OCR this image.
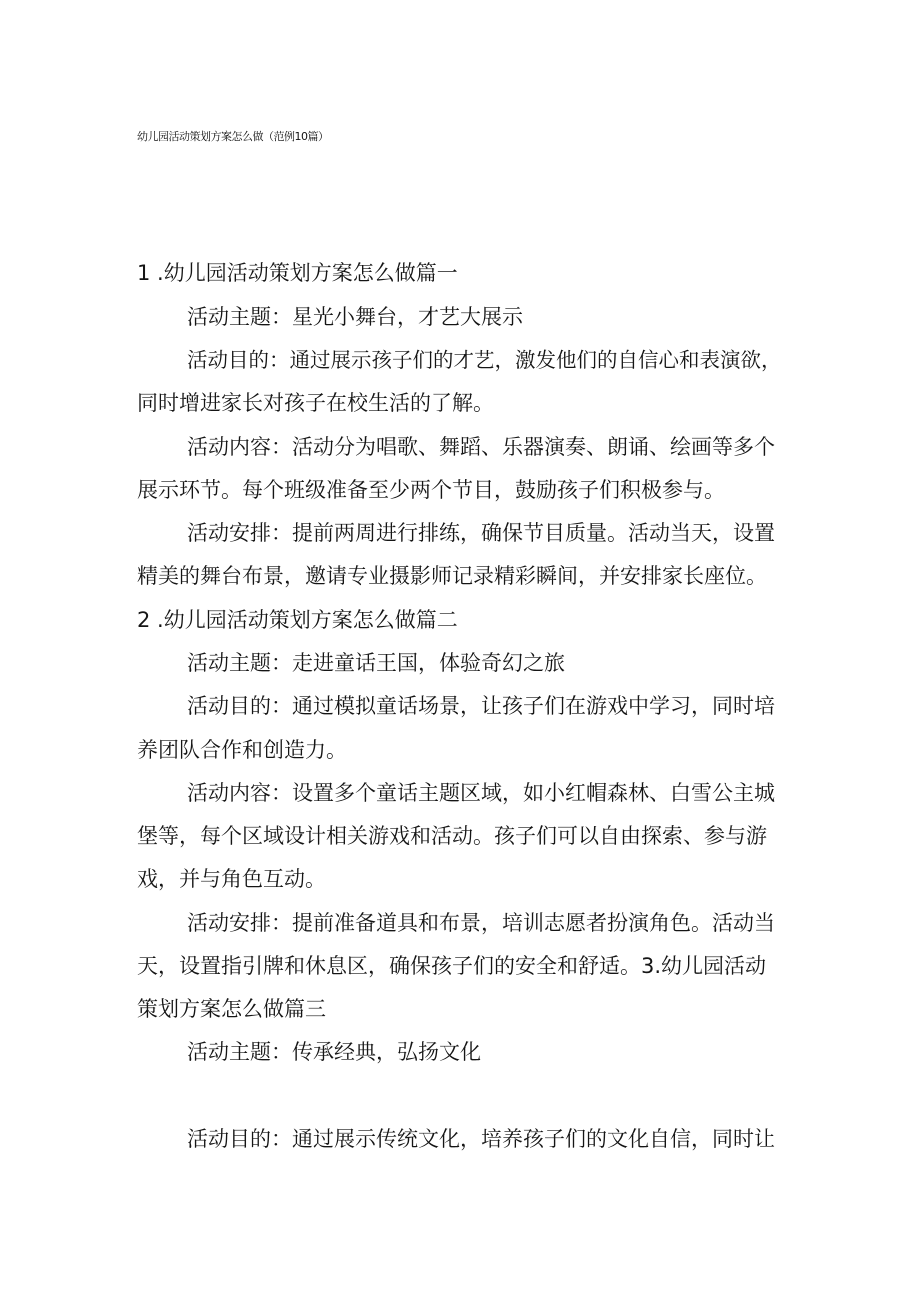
幼儿园活动策划方案怎么做（范例10篇）

1 .幼儿园活动策划方案怎么做篇一

活动主题：星光小舞台，才艺大展示

活动目的：通过展示孩子们的才艺，激发他们的自信心和表演欲，

同时增进家长对孩子在校生活的了解。

活动内容：活动分为唱歌、舞蹈、乐器演奏、朗诵、绘画等多个

展示环节。每个班级准备至少两个节目，鼓励孩子们积极参与。

活动安排：提前两周进行排练，确保节目质量。活动当天，设置

精美的舞台布景，邀请专业摄影师记录精彩瞬间，并安排家长座位。

2 .幼儿园活动策划方案怎么做篇二

活动主题：走进童话王国，体验奇幻之旅

活动目的：通过模拟童话场景，让孩子们在游戏中学习，同时培

养团队合作和创造力。

活动内容：设置多个童话主题区域，如小红帽森林、白雪公主城

堡等，每个区域设计相关游戏和活动。孩子们可以自由探索、参与游

戏，并与角色互动。

活动安排：提前准备道具和布景，培训志愿者扮演角色。活动当

天，设置指引牌和休息区，确保孩子们的安全和舒适。3.幼儿园活动

策划方案怎么做篇三

活动主题：传承经典，弘扬文化

活动目的：通过展示传统文化，培养孩子们的文化自信，同时让
